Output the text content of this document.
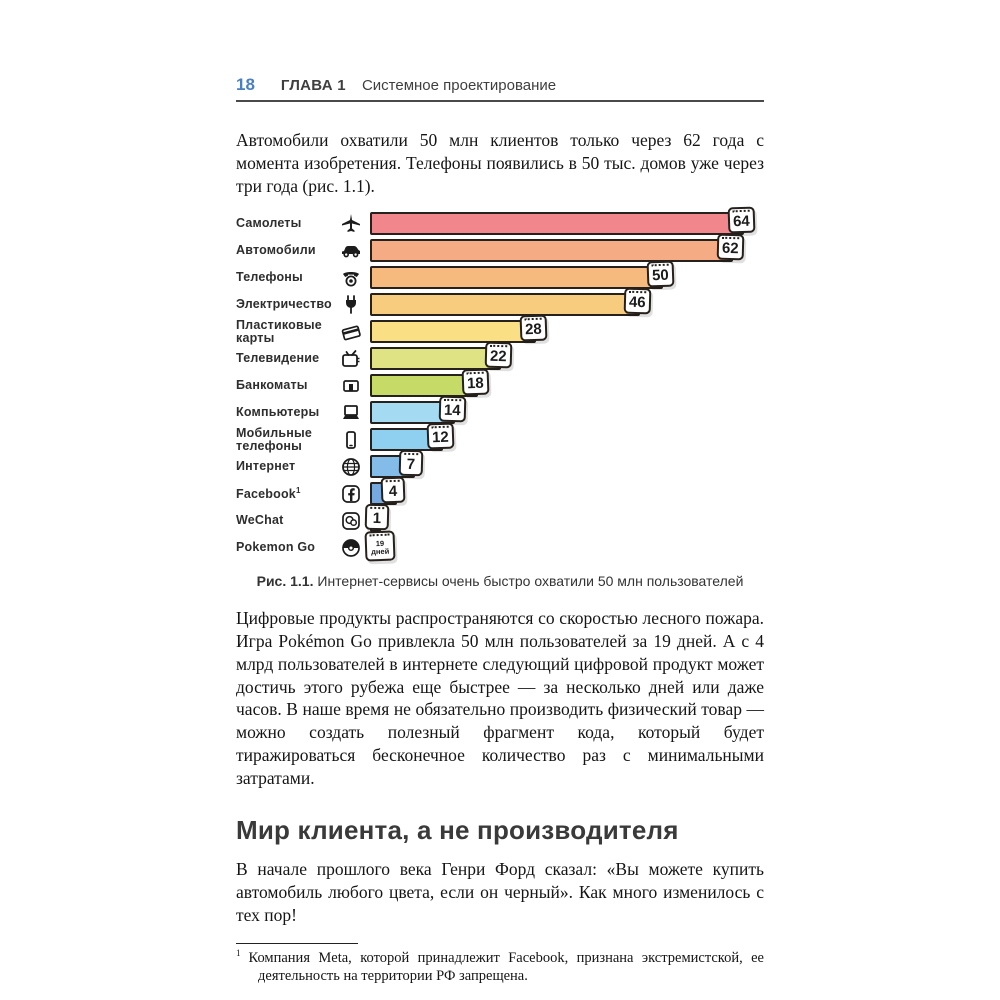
18 ГЛАВА 1 Системное проектирование

Автомобили охватили 50 млн клиентов только через 62 года с момента изобретения. Телефоны появились в 50 тыс. домов уже через три года (рис. 1.1).

Самолеты	64
Автомобили	62
Телефоны	50
Электричество	46
Пластиковые карты	28
Телевидение	22
Банкоматы	18
Компьютеры	14
Мобильные телефоны	12
Интернет	7
Facebook$^1$	4
WeChat	1
Pokemon Go	19
дней
Рис. 1.1. Интернет-сервисы очень быстро охватили 50 млн пользователей

Цифровые продукты распространяются со скоростью лесного пожара. Игра Pokémon Go привлекла 50 млн пользователей за 19 дней. А с 4 млрд пользователей в интернете следующий цифровой продукт может достичь этого рубежа еще быстрее — за несколько дней или даже часов. В наше время не обязательно производить физический товар — можно создать полезный фрагмент кода, который будет тиражироваться бесконечное количество раз с минимальными затратами.

Мир клиента, а не производителя

В начале прошлого века Генри Форд сказал: «Вы можете купить автомобиль любого цвета, если он черный». Как много изменилось с тех пор!

$^1$ Компания Meta, которой принадлежит Facebook, признана экстремистской, ее деятельность на территории РФ запрещена.
